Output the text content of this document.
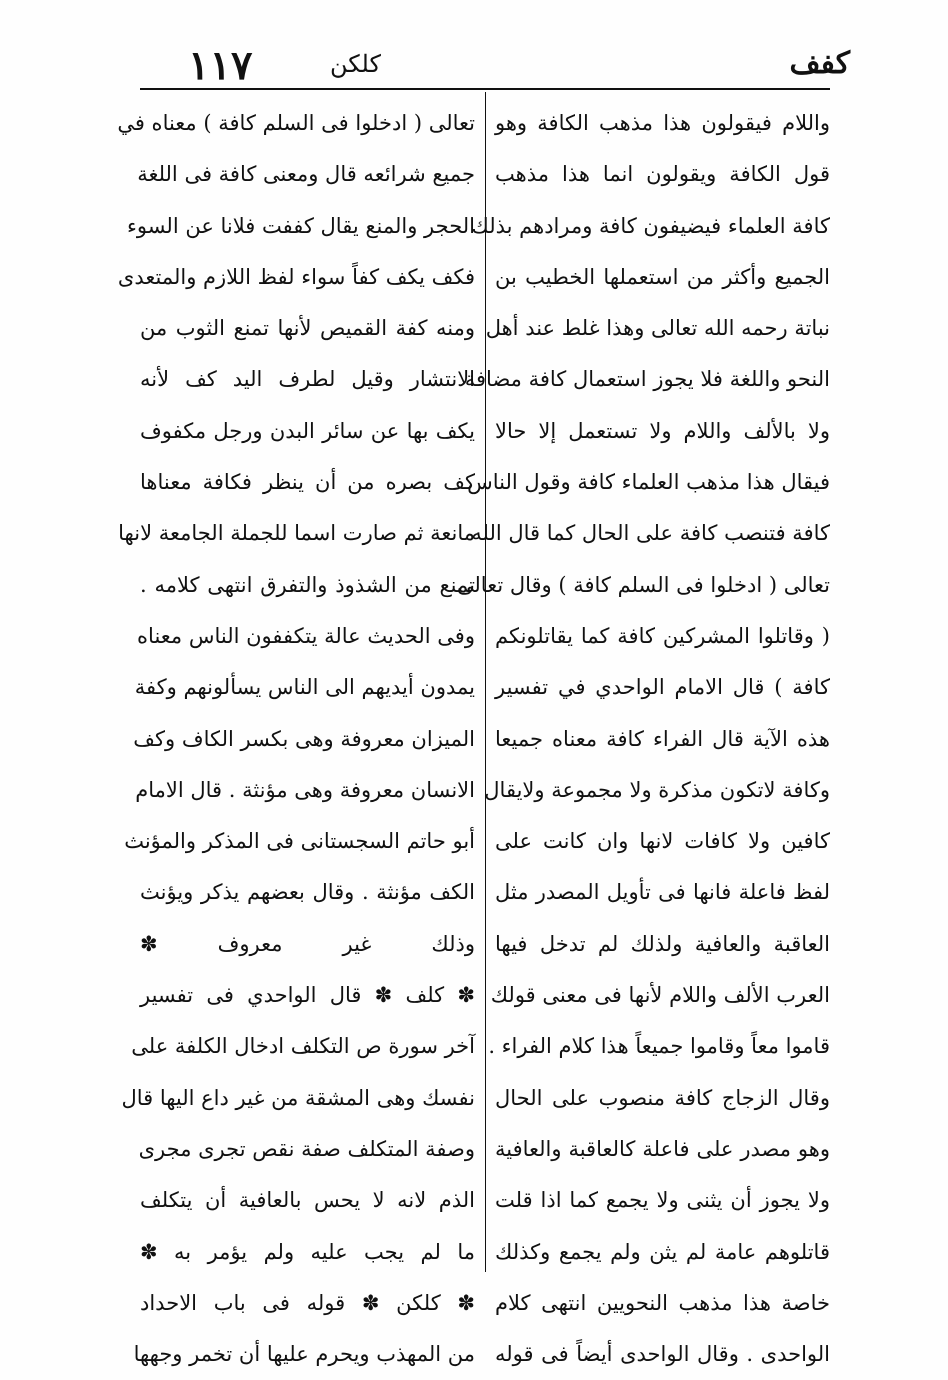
١١٧	كلكن	كفف
واللام فيقولون هذا مذهب الكافة وهو
قول الكافة ويقولون انما هذا مذهب
كافة العلماء فيضيفون كافة ومرادهم بذلك
الجميع وأكثر من استعملها الخطيب بن
نباتة رحمه الله تعالى وهذا غلط عند أهل
النحو واللغة فلا يجوز استعمال كافة مضافة
ولا بالألف واللام ولا تستعمل إلا حالا
فيقال هذا مذهب العلماء كافة وقول الناس
كافة فتنصب كافة على الحال كما قال الله
تعالى ( ادخلوا فى السلم كافة ) وقال تعالى
( وقاتلوا المشركين كافة كما يقاتلونكم
كافة ) قال الامام الواحدي في تفسير
هذه الآية قال الفراء كافة معناه جميعا
وكافة لاتكون مذكرة ولا مجموعة ولايقال
كافين ولا كافات لانها وان كانت على
لفظ فاعلة فانها فى تأويل المصدر مثل
العاقبة والعافية ولذلك لم تدخل فيها
العرب الألف واللام لأنها فى معنى قولك
قاموا معاً وقاموا جميعاً هذا كلام الفراء .
وقال الزجاج كافة منصوب على الحال
وهو مصدر على فاعلة كالعاقبة والعافية
ولا يجوز أن يثنى ولا يجمع كما اذا قلت
قاتلوهم عامة لم يثن ولم يجمع وكذلك
خاصة هذا مذهب النحويين انتهى كلام
الواحدى . وقال الواحدى أيضاً فى قوله
تعالى ( ادخلوا فى السلم كافة ) معناه في
جميع شرائعه قال ومعنى كافة فى اللغة
الحجر والمنع يقال كففت فلانا عن السوء
فكف يكف كفاً سواء لفظ اللازم والمتعدى
ومنه كفة القميص لأنها تمنع الثوب من
الانتشار وقيل لطرف اليد كف لأنه
يكف بها عن سائر البدن ورجل مكفوف
كف بصره من أن ينظر فكافة معناها
مانعة ثم صارت اسما للجملة الجامعة لانها
تمنع من الشذوذ والتفرق انتهى كلامه .
وفى الحديث عالة يتكففون الناس معناه
يمدون أيديهم الى الناس يسألونهم وكفة
الميزان معروفة وهى بكسر الكاف وكف
الانسان معروفة وهى مؤنثة . قال الامام
أبو حاتم السجستانى فى المذكر والمؤنث
الكف مؤنثة . وقال بعضهم يذكر ويؤنث
وذلك غير معروف ✽
✽ كلف ✽ قال الواحدي فى تفسير
آخر سورة ص التكلف ادخال الكلفة على
نفسك وهى المشقة من غير داع اليها قال
وصفة المتكلف صفة نقص تجرى مجرى
الذم لانه لا يحس بالعافية أن يتكلف
ما لم يجب عليه ولم يؤمر به ✽
✽ كلكن ✽ قوله فى باب الاحداد
من المهذب ويحرم عليها أن تخمر وجهها
